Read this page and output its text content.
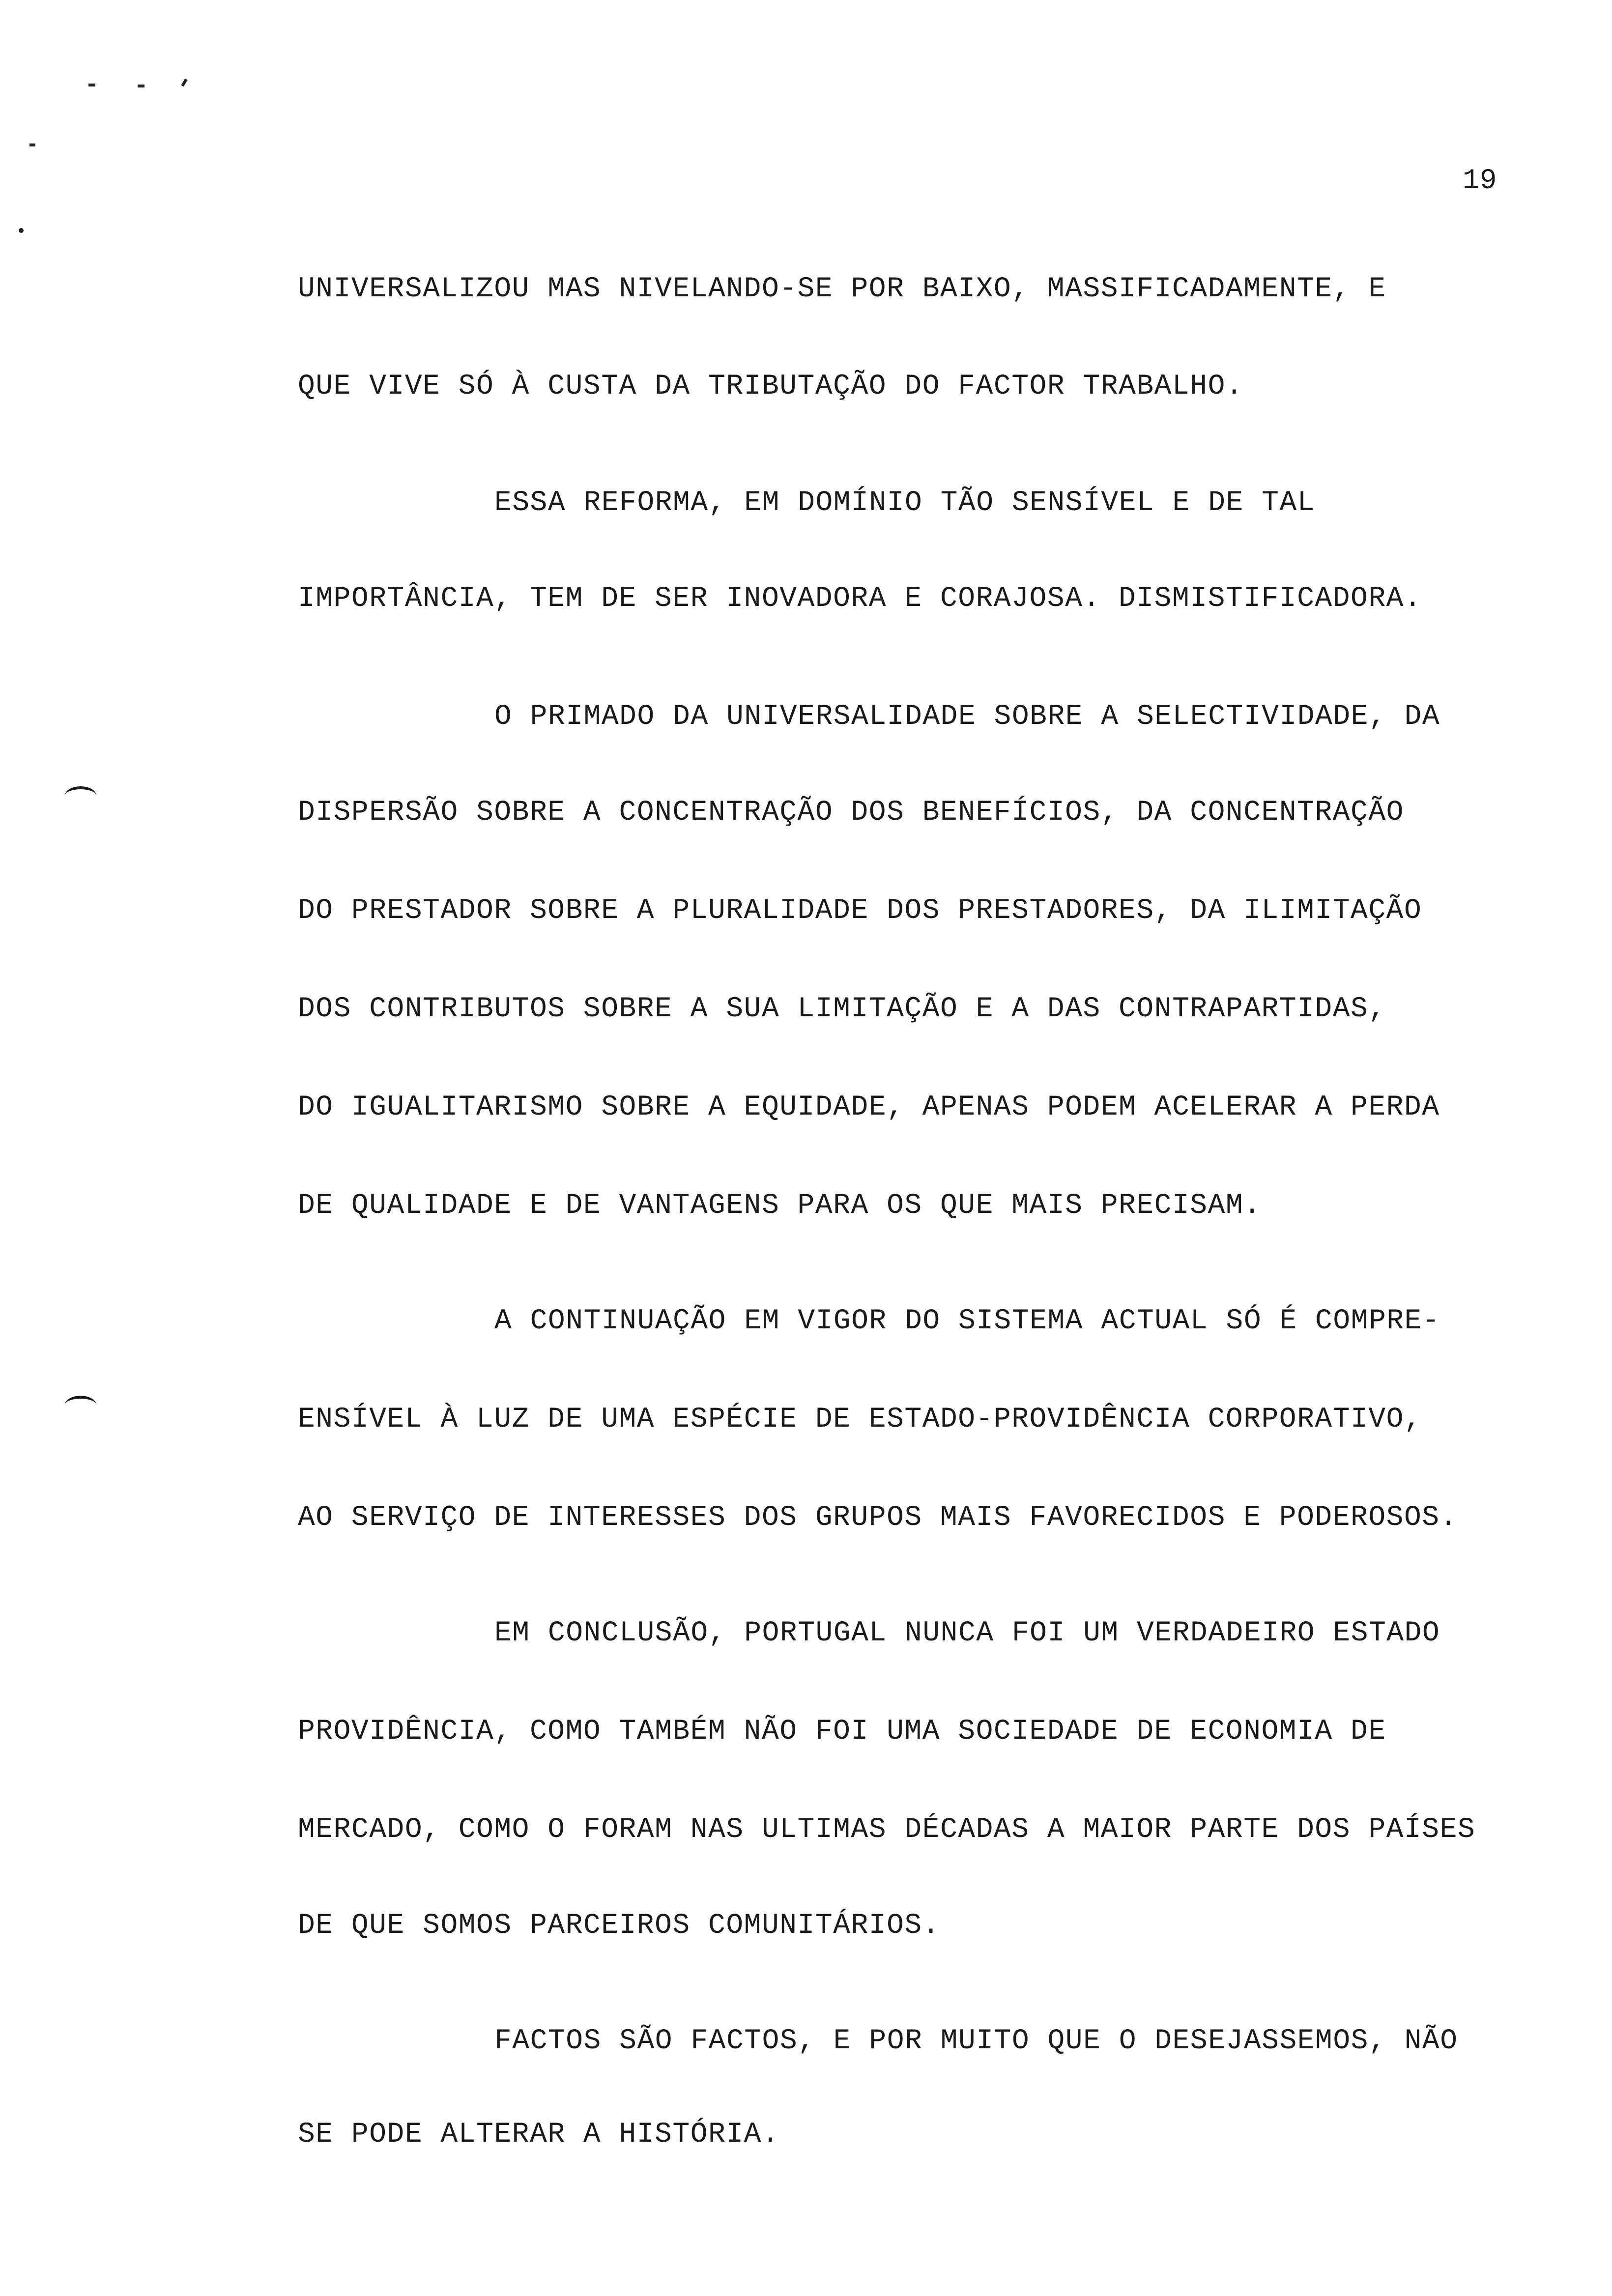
19
UNIVERSALIZOU MAS NIVELANDO-SE POR BAIXO, MASSIFICADAMENTE, E
QUE VIVE SÓ À CUSTA DA TRIBUTAÇÃO DO FACTOR TRABALHO.
ESSA REFORMA, EM DOMÍNIO TÃO SENSÍVEL E DE TAL
IMPORTÂNCIA, TEM DE SER INOVADORA E CORAJOSA. DISMISTIFICADORA.
O PRIMADO DA UNIVERSALIDADE SOBRE A SELECTIVIDADE, DA
DISPERSÃO SOBRE A CONCENTRAÇÃO DOS BENEFÍCIOS, DA CONCENTRAÇÃO
DO PRESTADOR SOBRE A PLURALIDADE DOS PRESTADORES, DA ILIMITAÇÃO
DOS CONTRIBUTOS SOBRE A SUA LIMITAÇÃO E A DAS CONTRAPARTIDAS,
DO IGUALITARISMO SOBRE A EQUIDADE, APENAS PODEM ACELERAR A PERDA
DE QUALIDADE E DE VANTAGENS PARA OS QUE MAIS PRECISAM.
A CONTINUAÇÃO EM VIGOR DO SISTEMA ACTUAL SÓ É COMPRE-
ENSÍVEL À LUZ DE UMA ESPÉCIE DE ESTADO-PROVIDÊNCIA CORPORATIVO,
AO SERVIÇO DE INTERESSES DOS GRUPOS MAIS FAVORECIDOS E PODEROSOS.
EM CONCLUSÃO, PORTUGAL NUNCA FOI UM VERDADEIRO ESTADO
PROVIDÊNCIA, COMO TAMBÉM NÃO FOI UMA SOCIEDADE DE ECONOMIA DE
MERCADO, COMO O FORAM NAS ULTIMAS DÉCADAS A MAIOR PARTE DOS PAÍSES
DE QUE SOMOS PARCEIROS COMUNITÁRIOS.
FACTOS SÃO FACTOS, E POR MUITO QUE O DESEJASSEMOS, NÃO
SE PODE ALTERAR A HISTÓRIA.
